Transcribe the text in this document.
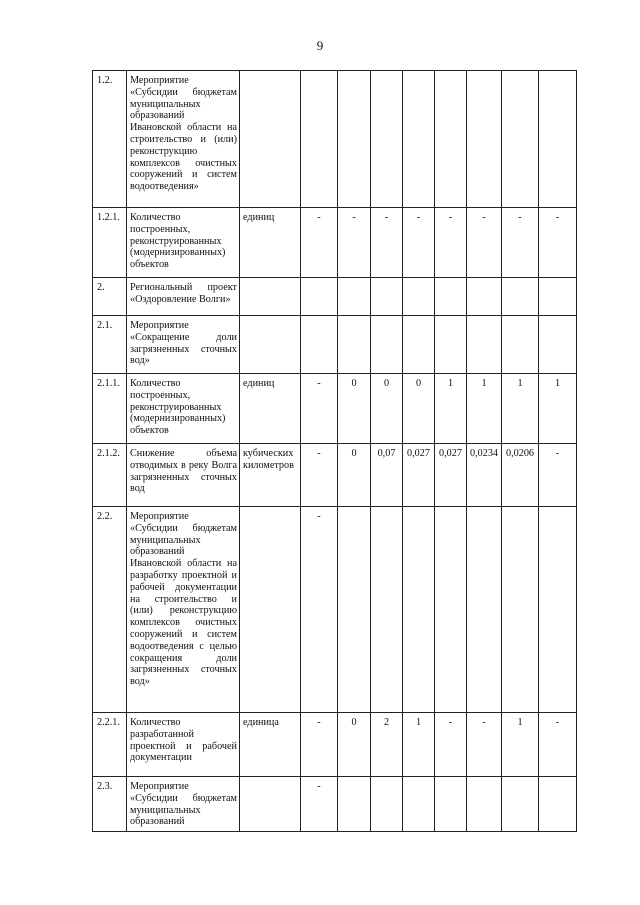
9
1.2.	Мероприятие «Субсидии бюджетам муниципальных образований Ивановской области на строительство и (или) реконструкцию комплексов очистных сооружений и систем водоотведения»									
1.2.1.	Количество построенных, реконструированных (модернизированных) объектов	единиц	-	-	-	-	-	-	-	-
2.	Региональный проект «Оздоровление Волги»									
2.1.	Мероприятие «Сокращение доли загрязненных сточных вод»									
2.1.1.	Количество построенных, реконструированных (модернизированных) объектов	единиц	-	0	0	0	1	1	1	1
2.1.2.	Снижение объема отводимых в реку Волга загрязненных сточных вод	кубических километров	-	0	0,07	0,027	0,027	0,0234	0,0206	-
2.2.	Мероприятие «Субсидии бюджетам муниципальных образований Ивановской области на разработку проектной и рабочей документации на строительство и (или) реконструкцию комплексов очистных сооружений и систем водоотведения с целью сокращения доли загрязненных сточных вод»		-							
2.2.1.	Количество разработанной проектной и рабочей документации	единица	-	0	2	1	-	-	1	-
2.3.	Мероприятие «Субсидии бюджетам муниципальных образований		-							
